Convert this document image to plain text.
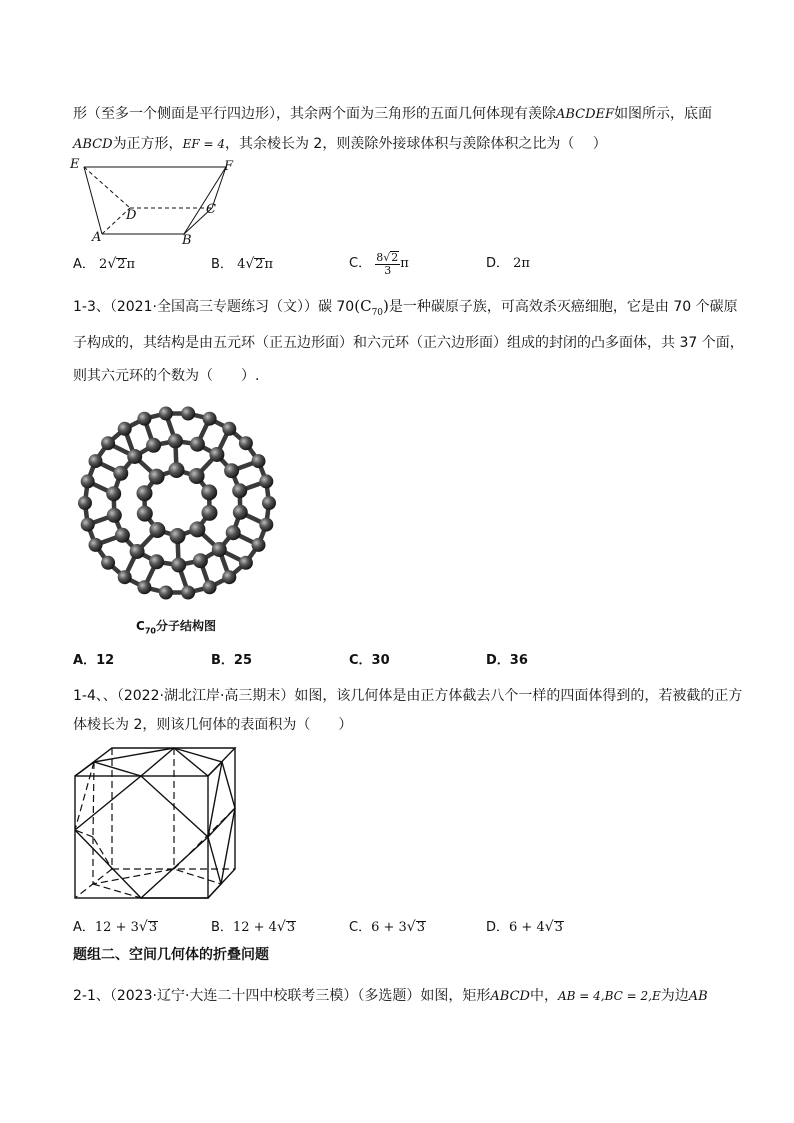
形（至多一个侧面是平行四边形），其余两个面为三角形的五面几何体现有羡除ABCDEF如图所示，底面
ABCD为正方形，EF = 4，其余棱长为 2，则羡除外接球体积与羡除体积之比为（　 ）
E	F
D	C
A	B
A． 2√2π	B． 4√2π	C． $\frac{8√2}{3}$ π	D． 2π
1-3、（2021·全国高三专题练习（文））碳 $70(C_{70})$是一种碳原子族，可高效杀灭癌细胞，它是由 70 个碳原
子构成的，其结构是由五元环（正五边形面）和六元环（正六边形面）组成的封闭的凸多面体，共 37 个面，
则其六元环的个数为（　　）.
$C_{70}$分子结构图
A．12	B．25	C．30	D．36
1-4、、（2022·湖北江岸·高三期末）如图，该几何体是由正方体截去八个一样的四面体得到的，若被截的正方
体棱长为 2，则该几何体的表面积为（　　）
A．12 + 3√3	B．12 + 4√3	C．6 + 3√3	D．6 + 4√3
题组二、空间几何体的折叠问题
2-1、（2023·辽宁·大连二十四中校联考三模）（多选题）如图，矩形ABCD中，AB = 4,BC = 2,E为边AB
